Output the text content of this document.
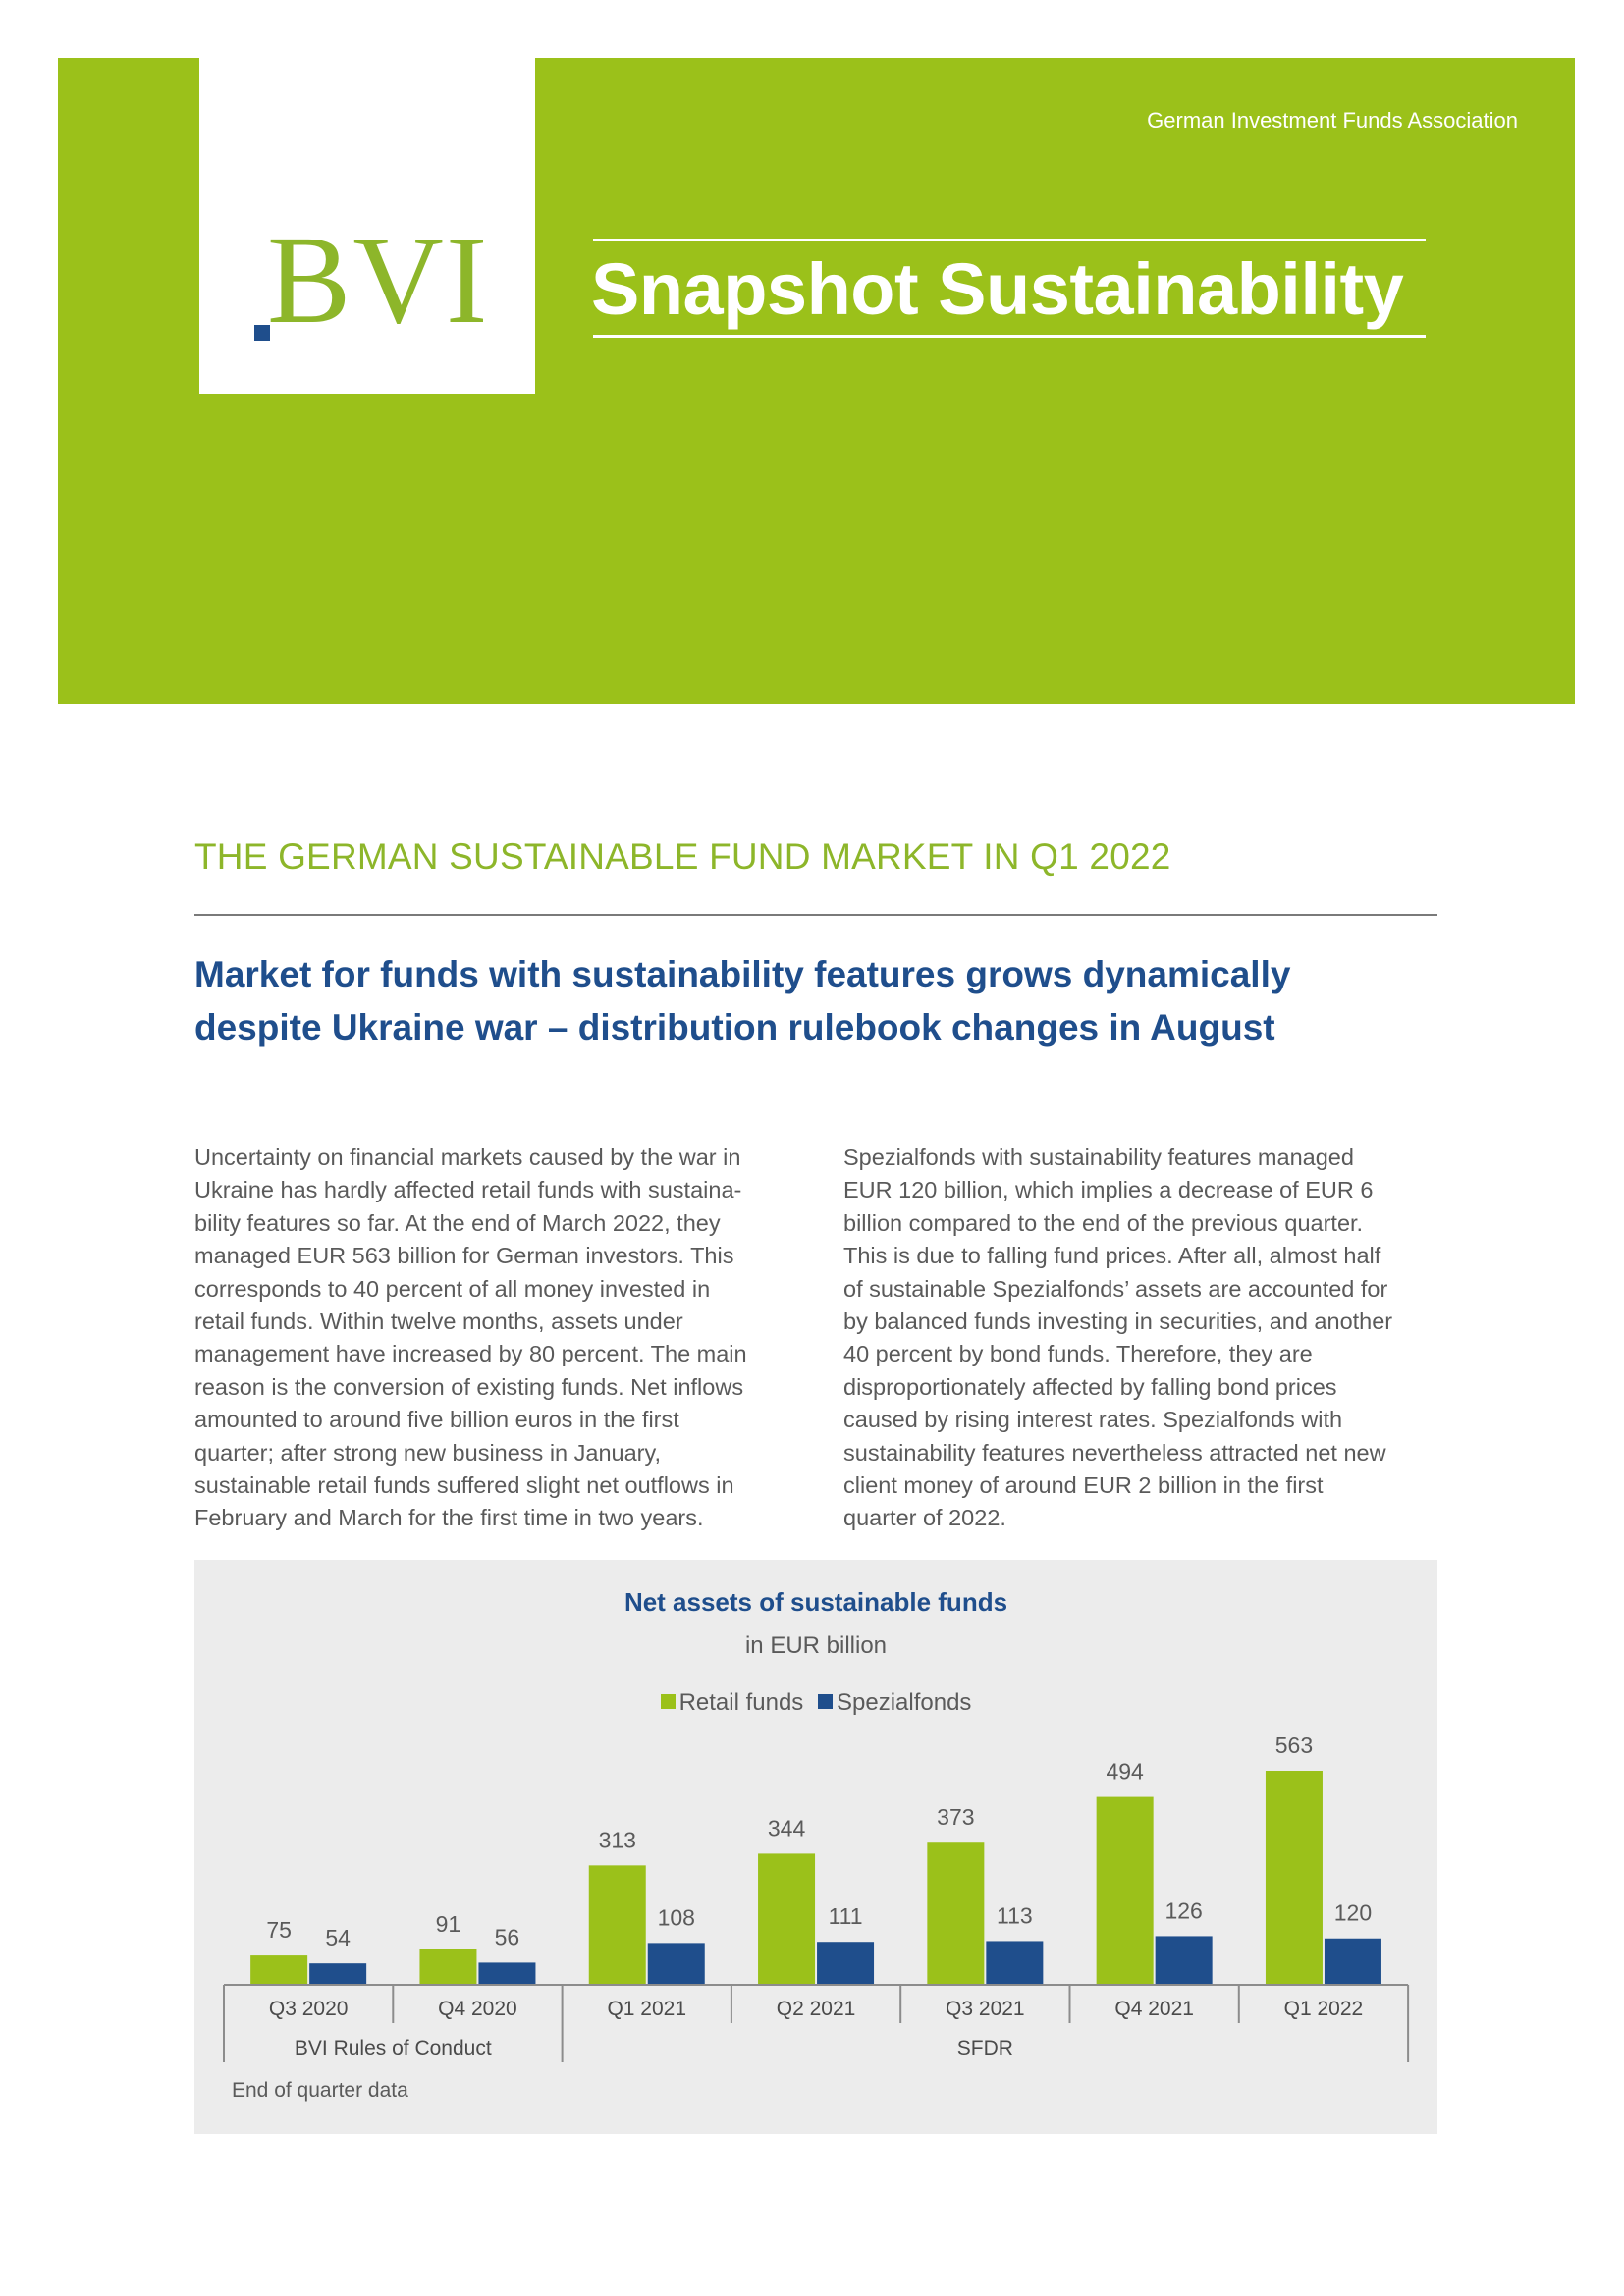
BVI
German Investment Funds Association
Snapshot Sustainability
THE GERMAN SUSTAINABLE FUND MARKET IN Q1 2022
Market for funds with sustainability features grows dynamically
despite Ukraine war – distribution rulebook changes in August
Uncertainty on financial markets caused by the war in
Ukraine has hardly affected retail funds with sustaina-
bility features so far. At the end of March 2022, they
managed EUR 563 billion for German investors. This
corresponds to 40 percent of all money invested in
retail funds. Within twelve months, assets under
management have increased by 80 percent. The main
reason is the conversion of existing funds. Net inflows
amounted to around five billion euros in the first
quarter; after strong new business in January,
sustainable retail funds suffered slight net outflows in
February and March for the first time in two years.
Spezialfonds with sustainability features managed
EUR 120 billion, which implies a decrease of EUR 6
billion compared to the end of the previous quarter.
This is due to falling fund prices. After all, almost half
of sustainable Spezialfonds’ assets are accounted for
by balanced funds investing in securities, and another
40 percent by bond funds. Therefore, they are
disproportionately affected by falling bond prices
caused by rising interest rates. Spezialfonds with
sustainability features nevertheless attracted net new
client money of around EUR 2 billion in the first
quarter of 2022.
Net assets of sustainable funds
in EUR billion
Retail funds Spezialfonds
75 54
Q3 2020
91
56
Q4 2020
313
108
Q1 2021
344
111
Q2 2021
373
113
Q3 2021
494
126
Q4 2021
563
120
Q1 2022
BVI Rules of Conduct	SFDR
End of quarter data
